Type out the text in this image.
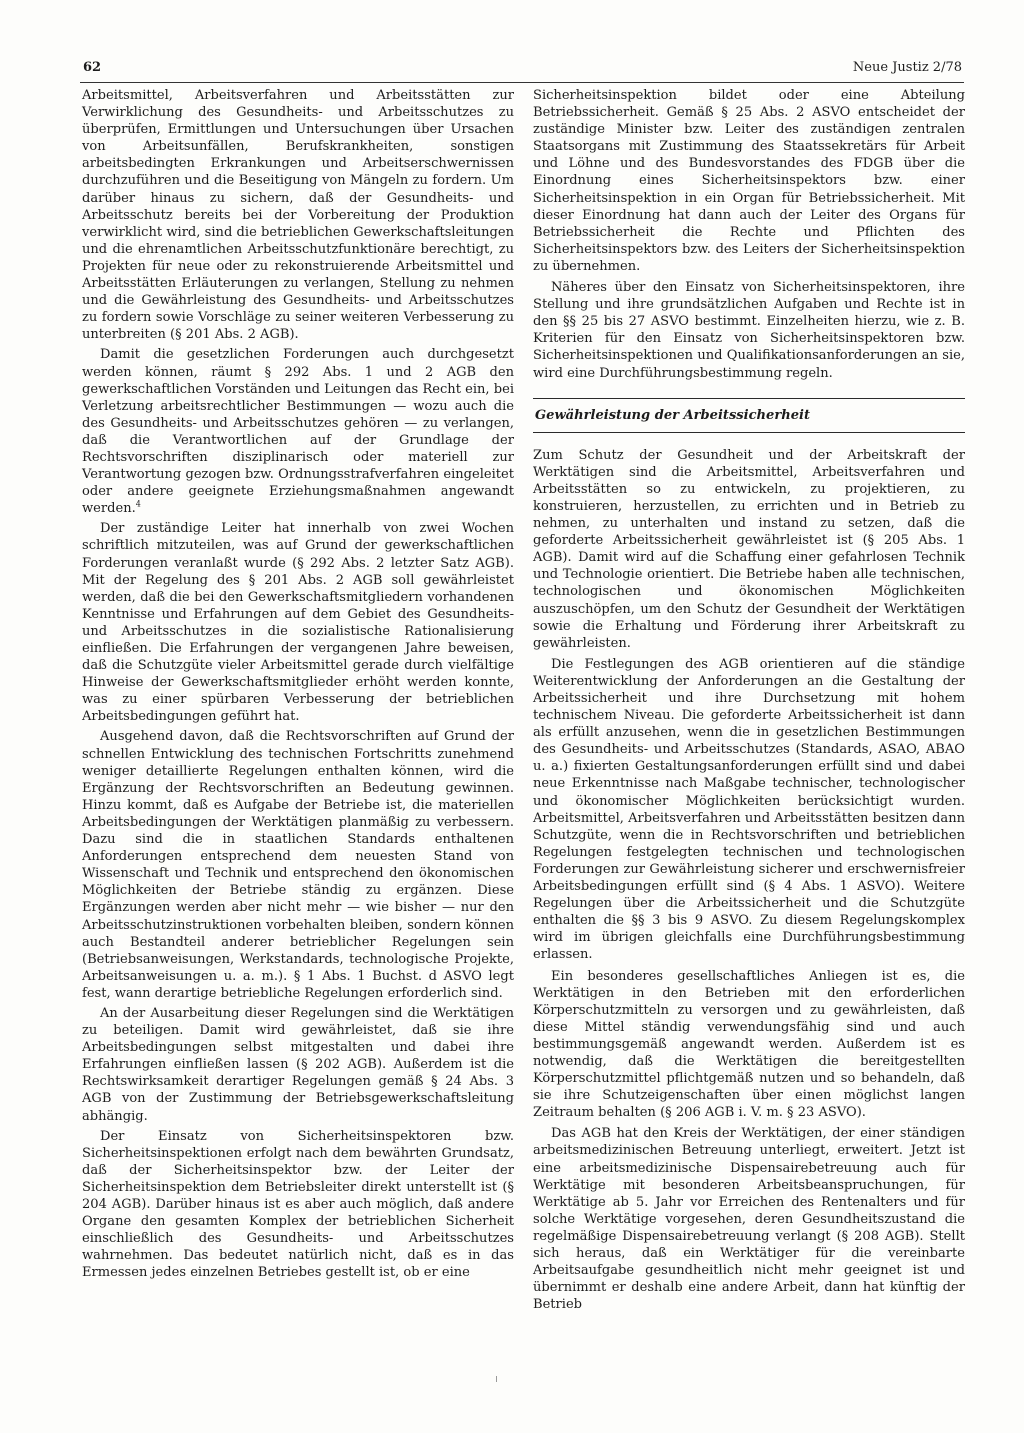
62	Neue Justiz 2/78

Arbeitsmittel, Arbeitsverfahren und Arbeitsstätten zur Verwirklichung des Gesundheits- und Arbeitsschutzes zu überprüfen, Ermittlungen und Untersuchungen über Ursachen von Arbeitsunfällen, Berufskrankheiten, sonstigen arbeitsbedingten Erkrankungen und Arbeitserschwernissen durchzuführen und die Beseitigung von Mängeln zu fordern. Um darüber hinaus zu sichern, daß der Gesundheits- und Arbeitsschutz bereits bei der Vorbereitung der Produktion verwirklicht wird, sind die betrieblichen Gewerkschaftsleitungen und die ehrenamtlichen Arbeitsschutzfunktionäre berechtigt, zu Projekten für neue oder zu rekonstruierende Arbeitsmittel und Arbeitsstätten Erläuterungen zu verlangen, Stellung zu nehmen und die Gewährleistung des Gesundheits- und Arbeitsschutzes zu fordern sowie Vorschläge zu seiner weiteren Verbesserung zu unterbreiten (§ 201 Abs. 2 AGB).

Damit die gesetzlichen Forderungen auch durchgesetzt werden können, räumt § 292 Abs. 1 und 2 AGB den gewerkschaftlichen Vorständen und Leitungen das Recht ein, bei Verletzung arbeitsrechtlicher Bestimmungen — wozu auch die des Gesundheits- und Arbeitsschutzes gehören — zu verlangen, daß die Verantwortlichen auf der Grundlage der Rechtsvorschriften disziplinarisch oder materiell zur Verantwortung gezogen bzw. Ordnungsstrafverfahren eingeleitet oder andere geeignete Erziehungsmaßnahmen angewandt werden.$^4$

Der zuständige Leiter hat innerhalb von zwei Wochen schriftlich mitzuteilen, was auf Grund der gewerkschaftlichen Forderungen veranlaßt wurde (§ 292 Abs. 2 letzter Satz AGB). Mit der Regelung des § 201 Abs. 2 AGB soll gewährleistet werden, daß die bei den Gewerkschaftsmitgliedern vorhandenen Kenntnisse und Erfahrungen auf dem Gebiet des Gesundheits- und Arbeitsschutzes in die sozialistische Rationalisierung einfließen. Die Erfahrungen der vergangenen Jahre beweisen, daß die Schutzgüte vieler Arbeitsmittel gerade durch vielfältige Hinweise der Gewerkschaftsmitglieder erhöht werden konnte, was zu einer spürbaren Verbesserung der betrieblichen Arbeitsbedingungen geführt hat.

Ausgehend davon, daß die Rechtsvorschriften auf Grund der schnellen Entwicklung des technischen Fortschritts zunehmend weniger detaillierte Regelungen enthalten können, wird die Ergänzung der Rechtsvorschriften an Bedeutung gewinnen. Hinzu kommt, daß es Aufgabe der Betriebe ist, die materiellen Arbeitsbedingungen der Werktätigen planmäßig zu verbessern. Dazu sind die in staatlichen Standards enthaltenen Anforderungen entsprechend dem neuesten Stand von Wissenschaft und Technik und entsprechend den ökonomischen Möglichkeiten der Betriebe ständig zu ergänzen. Diese Ergänzungen werden aber nicht mehr — wie bisher — nur den Arbeitsschutzinstruktionen vorbehalten bleiben, sondern können auch Bestandteil anderer betrieblicher Regelungen sein (Betriebsanweisungen, Werkstandards, technologische Projekte, Arbeitsanweisungen u. a. m.). § 1 Abs. 1 Buchst. d ASVO legt fest, wann derartige betriebliche Regelungen erforderlich sind.

An der Ausarbeitung dieser Regelungen sind die Werktätigen zu beteiligen. Damit wird gewährleistet, daß sie ihre Arbeitsbedingungen selbst mitgestalten und dabei ihre Erfahrungen einfließen lassen (§ 202 AGB). Außerdem ist die Rechtswirksamkeit derartiger Regelungen gemäß § 24 Abs. 3 AGB von der Zustimmung der Betriebsgewerkschaftsleitung abhängig.

Der Einsatz von Sicherheitsinspektoren bzw. Sicherheitsinspektionen erfolgt nach dem bewährten Grundsatz, daß der Sicherheitsinspektor bzw. der Leiter der Sicherheitsinspektion dem Betriebsleiter direkt unterstellt ist (§ 204 AGB). Darüber hinaus ist es aber auch möglich, daß andere Organe den gesamten Komplex der betrieblichen Sicherheit einschließlich des Gesundheits- und Arbeitsschutzes wahrnehmen. Das bedeutet natürlich nicht, daß es in das Ermessen jedes einzelnen Betriebes gestellt ist, ob er eine

Sicherheitsinspektion bildet oder eine Abteilung Betriebssicherheit. Gemäß § 25 Abs. 2 ASVO entscheidet der zuständige Minister bzw. Leiter des zuständigen zentralen Staatsorgans mit Zustimmung des Staatssekretärs für Arbeit und Löhne und des Bundesvorstandes des FDGB über die Einordnung eines Sicherheitsinspektors bzw. einer Sicherheitsinspektion in ein Organ für Betriebssicherheit. Mit dieser Einordnung hat dann auch der Leiter des Organs für Betriebssicherheit die Rechte und Pflichten des Sicherheitsinspektors bzw. des Leiters der Sicherheitsinspektion zu übernehmen.

Näheres über den Einsatz von Sicherheitsinspektoren, ihre Stellung und ihre grundsätzlichen Aufgaben und Rechte ist in den §§ 25 bis 27 ASVO bestimmt. Einzelheiten hierzu, wie z. B. Kriterien für den Einsatz von Sicherheitsinspektoren bzw. Sicherheitsinspektionen und Qualifikationsanforderungen an sie, wird eine Durchführungsbestimmung regeln.

Gewährleistung der Arbeitssicherheit

Zum Schutz der Gesundheit und der Arbeitskraft der Werktätigen sind die Arbeitsmittel, Arbeitsverfahren und Arbeitsstätten so zu entwickeln, zu projektieren, zu konstruieren, herzustellen, zu errichten und in Betrieb zu nehmen, zu unterhalten und instand zu setzen, daß die geforderte Arbeitssicherheit gewährleistet ist (§ 205 Abs. 1 AGB). Damit wird auf die Schaffung einer gefahrlosen Technik und Technologie orientiert. Die Betriebe haben alle technischen, technologischen und ökonomischen Möglichkeiten auszuschöpfen, um den Schutz der Gesundheit der Werktätigen sowie die Erhaltung und Förderung ihrer Arbeitskraft zu gewährleisten.

Die Festlegungen des AGB orientieren auf die ständige Weiterentwicklung der Anforderungen an die Gestaltung der Arbeitssicherheit und ihre Durchsetzung mit hohem technischem Niveau. Die geforderte Arbeitssicherheit ist dann als erfüllt anzusehen, wenn die in gesetzlichen Bestimmungen des Gesundheits- und Arbeitsschutzes (Standards, ASAO, ABAO u. a.) fixierten Gestaltungsanforderungen erfüllt sind und dabei neue Erkenntnisse nach Maßgabe technischer, technologischer und ökonomischer Möglichkeiten berücksichtigt wurden. Arbeitsmittel, Arbeitsverfahren und Arbeitsstätten besitzen dann Schutzgüte, wenn die in Rechtsvorschriften und betrieblichen Regelungen festgelegten technischen und technologischen Forderungen zur Gewährleistung sicherer und erschwernisfreier Arbeitsbedingungen erfüllt sind (§ 4 Abs. 1 ASVO). Weitere Regelungen über die Arbeitssicherheit und die Schutzgüte enthalten die §§ 3 bis 9 ASVO. Zu diesem Regelungskomplex wird im übrigen gleichfalls eine Durchführungsbestimmung erlassen.

Ein besonderes gesellschaftliches Anliegen ist es, die Werktätigen in den Betrieben mit den erforderlichen Körperschutzmitteln zu versorgen und zu gewährleisten, daß diese Mittel ständig verwendungsfähig sind und auch bestimmungsgemäß angewandt werden. Außerdem ist es notwendig, daß die Werktätigen die bereitgestellten Körperschutzmittel pflichtgemäß nutzen und so behandeln, daß sie ihre Schutzeigenschaften über einen möglichst langen Zeitraum behalten (§ 206 AGB i. V. m. § 23 ASVO).

Das AGB hat den Kreis der Werktätigen, der einer ständigen arbeitsmedizinischen Betreuung unterliegt, erweitert. Jetzt ist eine arbeitsmedizinische Dispensairebetreuung auch für Werktätige mit besonderen Arbeitsbeanspruchungen, für Werktätige ab 5. Jahr vor Erreichen des Rentenalters und für solche Werktätige vorgesehen, deren Gesundheitszustand die regelmäßige Dispensairebetreuung verlangt (§ 208 AGB). Stellt sich heraus, daß ein Werktätiger für die vereinbarte Arbeitsaufgabe gesundheitlich nicht mehr geeignet ist und übernimmt er deshalb eine andere Arbeit, dann hat künftig der Betrieb
